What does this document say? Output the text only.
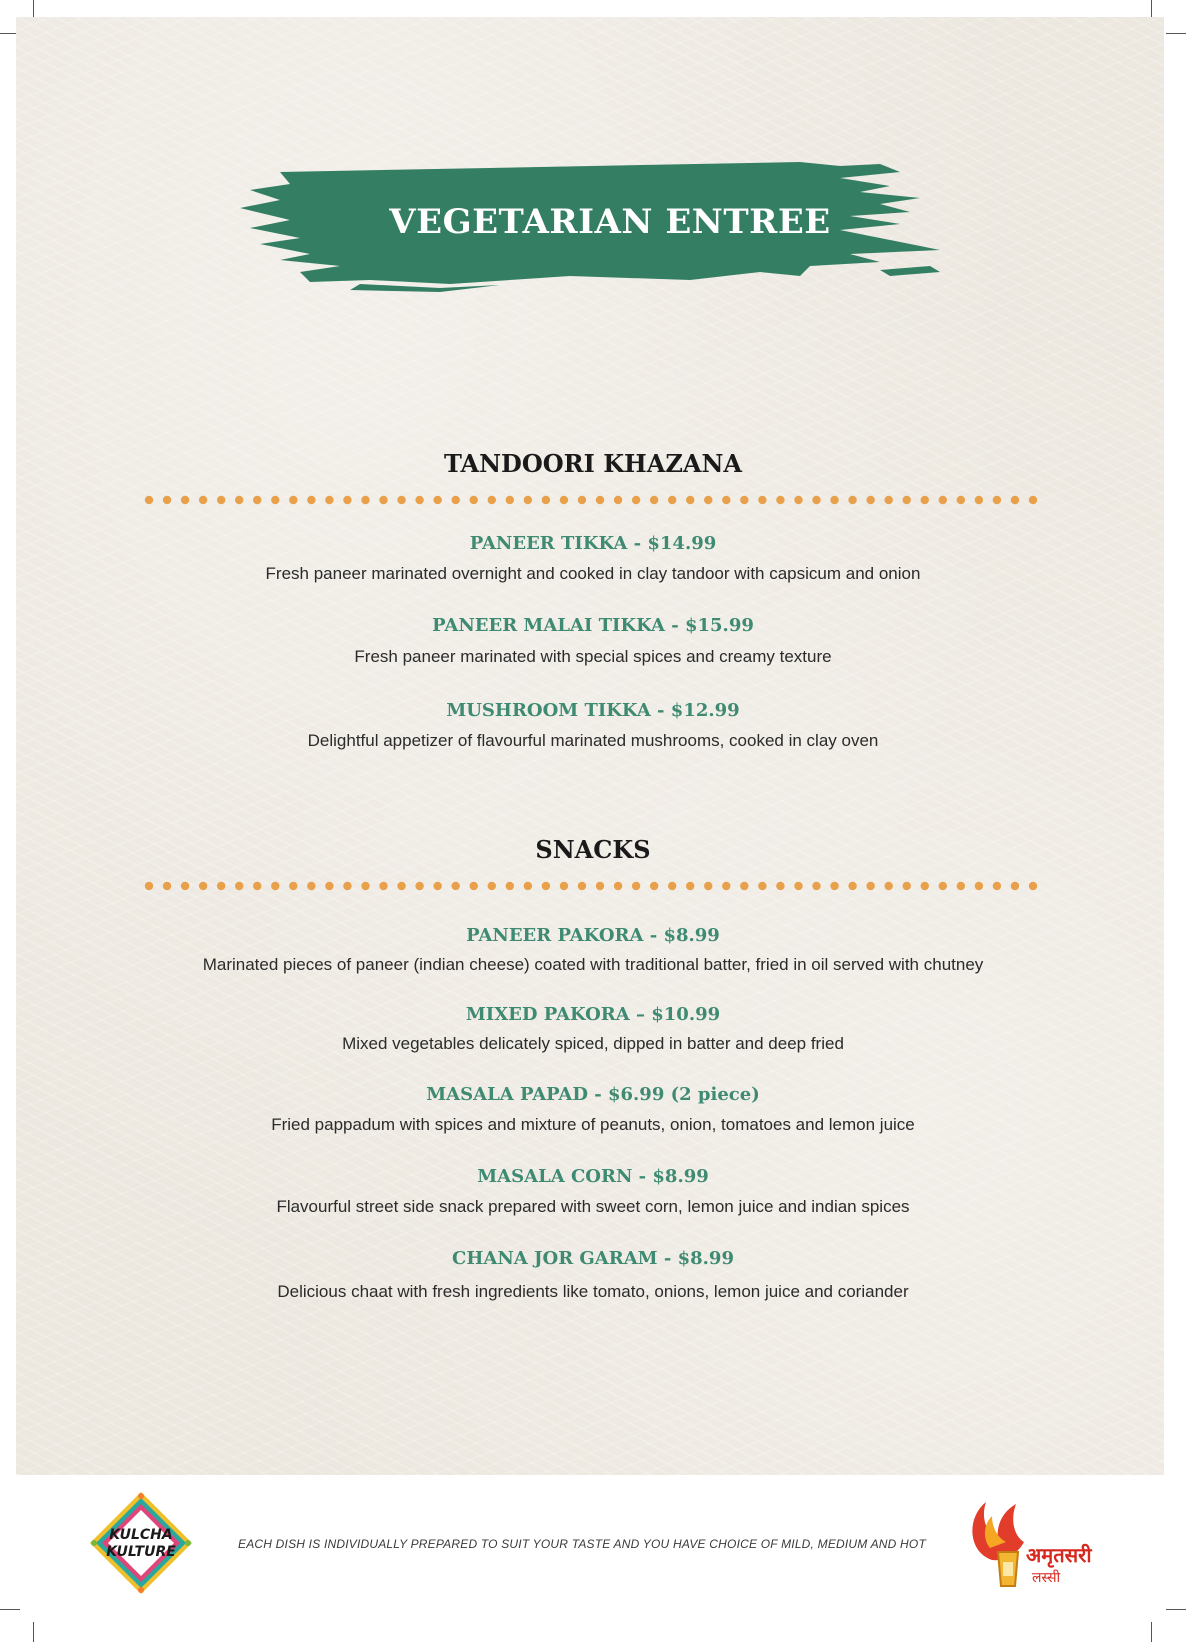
VEGETARIAN ENTREE
TANDOORI KHAZANA
PANEER TIKKA - $14.99
Fresh paneer marinated overnight and cooked in clay tandoor with capsicum and onion
PANEER MALAI TIKKA - $15.99
Fresh paneer marinated with special spices and creamy texture
MUSHROOM TIKKA - $12.99
Delightful appetizer of flavourful marinated mushrooms, cooked in clay oven
SNACKS
PANEER PAKORA - $8.99
Marinated pieces of paneer (indian cheese) coated with traditional batter, fried in oil served with chutney
MIXED PAKORA – $10.99
Mixed vegetables delicately spiced, dipped in batter and deep fried
MASALA PAPAD - $6.99 (2 piece)
Fried pappadum with spices and mixture of peanuts, onion, tomatoes and lemon juice
MASALA CORN - $8.99
Flavourful street side snack prepared with sweet corn, lemon juice and indian spices
CHANA JOR GARAM - $8.99
Delicious chaat with fresh ingredients like tomato, onions, lemon juice and coriander
KULCHA
KULTURE	EACH DISH IS INDIVIDUALLY PREPARED TO SUIT YOUR TASTE AND YOU HAVE CHOICE OF MILD, MEDIUM AND HOT	अमृतसरी
लस्सी
